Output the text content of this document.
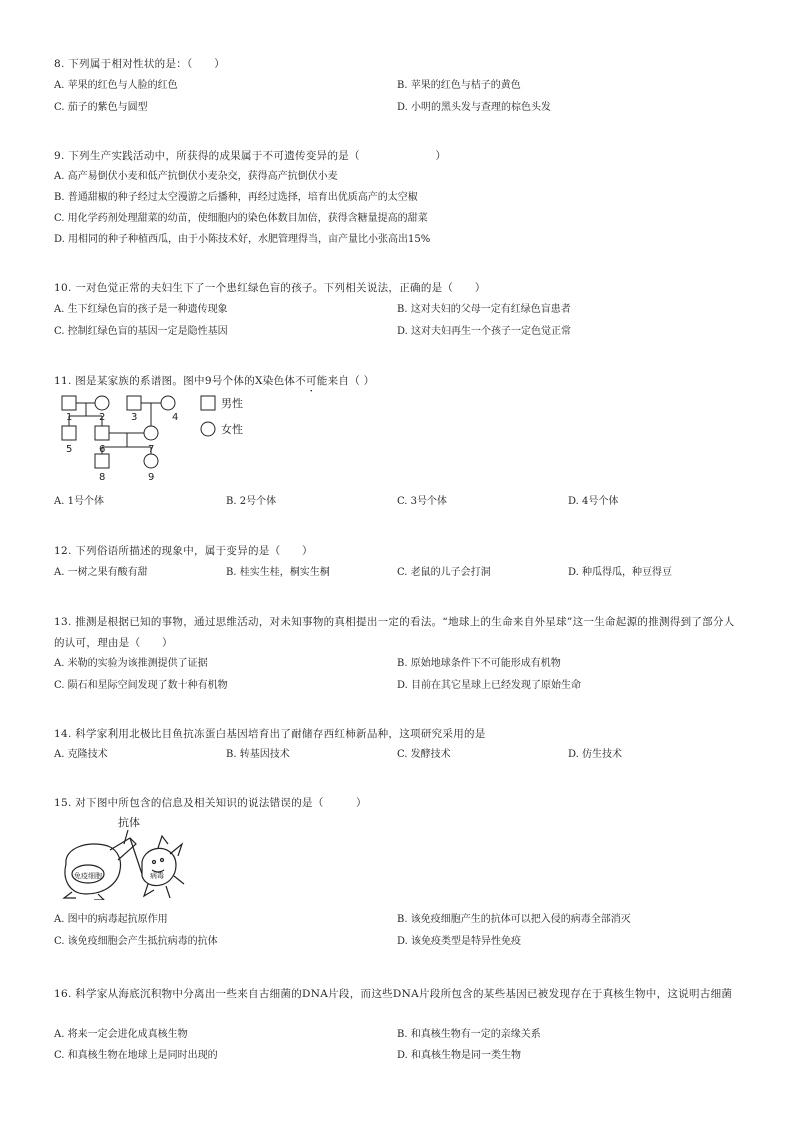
8. 下列属于相对性状的是：（　　）
A. 苹果的红色与人脸的红色	B. 苹果的红色与桔子的黄色
C. 茄子的紫色与圆型	D. 小明的黑头发与查理的棕色头发
9. 下列生产实践活动中，所获得的成果属于不可遗传变异的是（　　　　　　　）
A. 高产易倒伏小麦和低产抗倒伏小麦杂交，获得高产抗倒伏小麦
B. 普通甜椒的种子经过太空漫游之后播种，再经过选择，培育出优质高产的太空椒
C. 用化学药剂处理甜菜的幼苗，使细胞内的染色体数目加倍，获得含糖量提高的甜菜
D. 用相同的种子种植西瓜，由于小陈技术好，水肥管理得当，亩产量比小张高出15%
10. 一对色觉正常的夫妇生下了一个患红绿色盲的孩子。下列相关说法，正确的是（　　）
A. 生下红绿色盲的孩子是一种遗传现象	B. 这对夫妇的父母一定有红绿色盲患者
C. 控制红绿色盲的基因一定是隐性基因	D. 这对夫妇再生一个孩子一定色觉正常
11. 图是某家族的系谱图。图中9号个体的X染色体不可能来自（ ）
1	2	3	4
5	6	7
8	9
男性
女性
A. 1号个体	B. 2号个体	C. 3号个体	D. 4号个体
12. 下列俗语所描述的现象中，属于变异的是（　　）
A. 一树之果有酸有甜	B. 桂实生桂，桐实生桐	C. 老鼠的儿子会打洞	D. 种瓜得瓜，种豆得豆
13. 推测是根据已知的事物，通过思维活动，对未知事物的真相提出一定的看法。“地球上的生命来自外星球”这一生命起源的推测得到了部分人的认可，理由是（　　）
A. 米勒的实验为该推测提供了证据	B. 原始地球条件下不可能形成有机物
C. 陨石和星际空间发现了数十种有机物	D. 目前在其它星球上已经发现了原始生命
14. 科学家利用北极比目鱼抗冻蛋白基因培育出了耐储存西红柿新品种，这项研究采用的是
A. 克隆技术	B. 转基因技术	C. 发酵技术	D. 仿生技术
15. 对下图中所包含的信息及相关知识的说法错误的是（　　　）
抗体
免疫细胞	病毒
A. 图中的病毒起抗原作用	B. 该免疫细胞产生的抗体可以把入侵的病毒全部消灭
C. 该免疫细胞会产生抵抗病毒的抗体	D. 该免疫类型是特异性免疫
16. 科学家从海底沉积物中分离出一些来自古细菌的DNA片段，而这些DNA片段所包含的某些基因已被发现存在于真核生物中，这说明古细菌
A. 将来一定会进化成真核生物	B. 和真核生物有一定的亲缘关系
C. 和真核生物在地球上是同时出现的	D. 和真核生物是同一类生物
